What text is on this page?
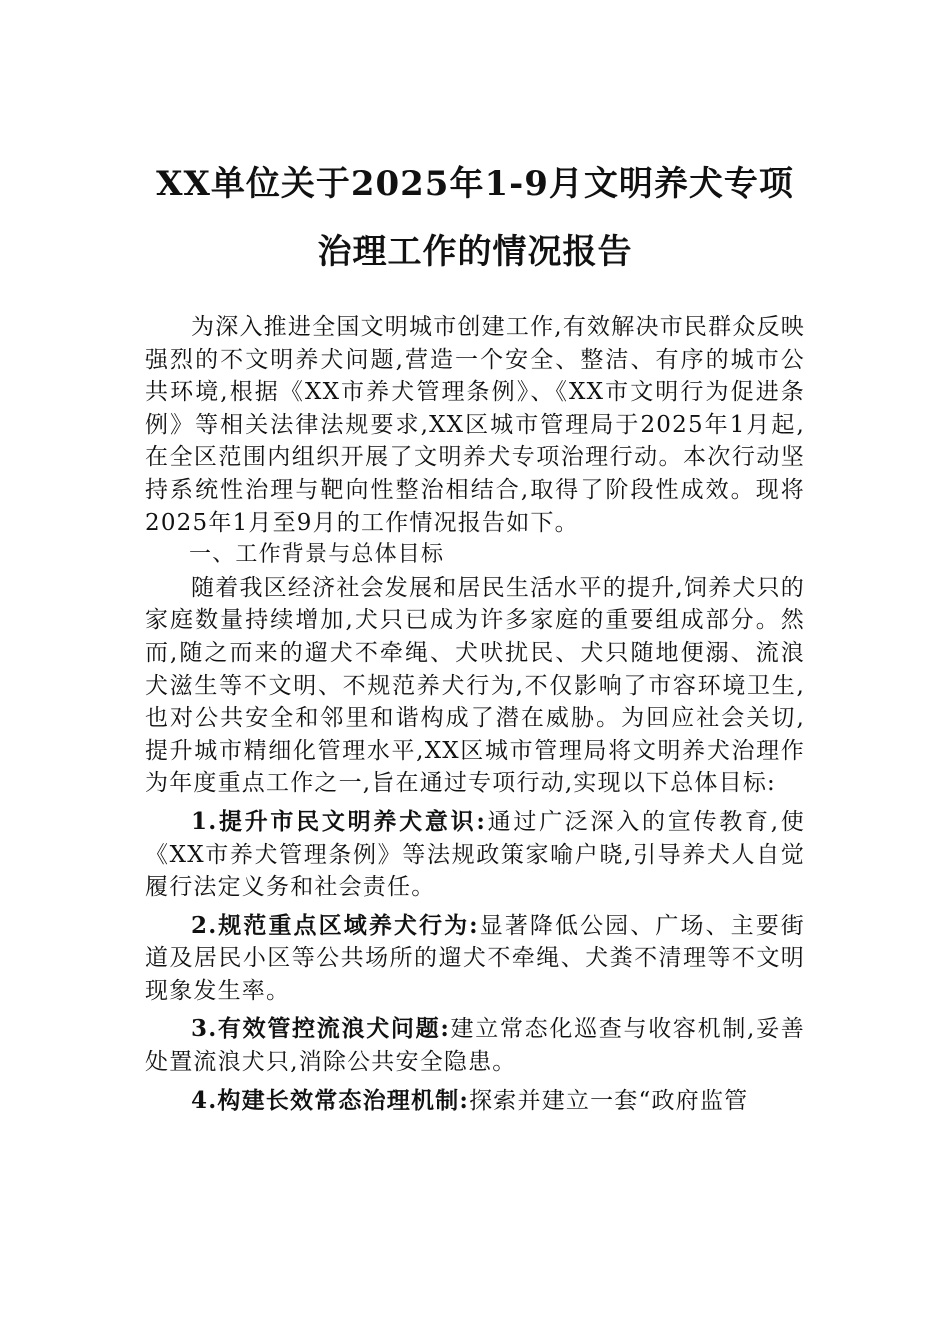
XX单位关于2025年1-9月文明养犬专项治理工作的情况报告

为深入推进全国文明城市创建工作,有效解决市民群众反映强烈的不文明养犬问题,营造一个安全、整洁、有序的城市公共环境,根据《XX市养犬管理条例》、《XX市文明行为促进条例》等相关法律法规要求,XX区城市管理局于2025年1月起,在全区范围内组织开展了文明养犬专项治理行动。本次行动坚持系统性治理与靶向性整治相结合,取得了阶段性成效。现将2025年1月至9月的工作情况报告如下。

一、工作背景与总体目标

随着我区经济社会发展和居民生活水平的提升,饲养犬只的家庭数量持续增加,犬只已成为许多家庭的重要组成部分。然而,随之而来的遛犬不牵绳、犬吠扰民、犬只随地便溺、流浪犬滋生等不文明、不规范养犬行为,不仅影响了市容环境卫生,也对公共安全和邻里和谐构成了潜在威胁。为回应社会关切,提升城市精细化管理水平,XX区城市管理局将文明养犬治理作为年度重点工作之一,旨在通过专项行动,实现以下总体目标:

1.提升市民文明养犬意识:通过广泛深入的宣传教育,使《XX市养犬管理条例》等法规政策家喻户晓,引导养犬人自觉履行法定义务和社会责任。

2.规范重点区域养犬行为:显著降低公园、广场、主要街道及居民小区等公共场所的遛犬不牵绳、犬粪不清理等不文明现象发生率。

3.有效管控流浪犬问题:建立常态化巡查与收容机制,妥善处置流浪犬只,消除公共安全隐患。

4.构建长效常态治理机制:探索并建立一套“政府监管
